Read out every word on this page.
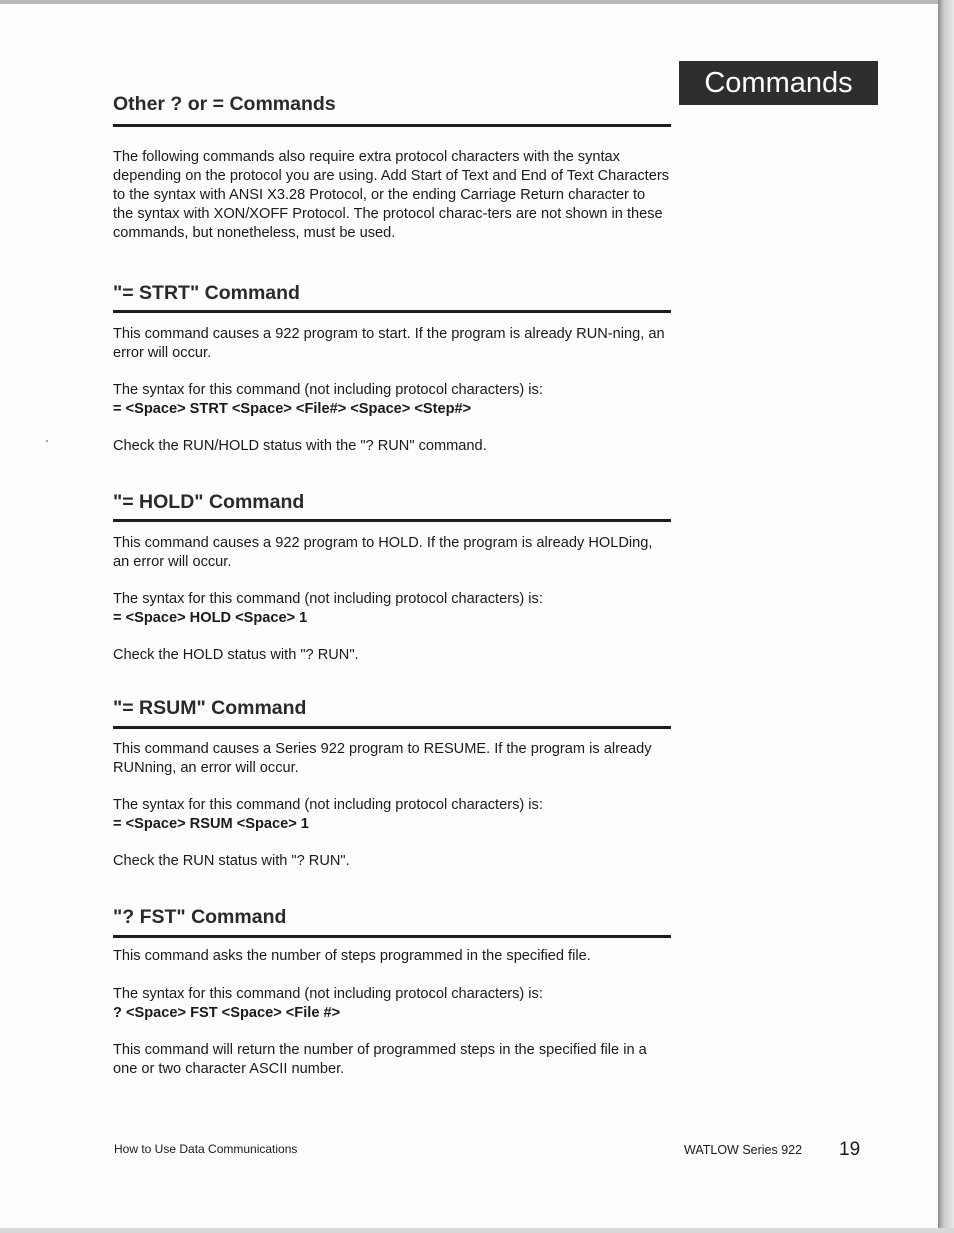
Commands
Other ? or = Commands

The following commands also require extra protocol characters with the syntax depending on the protocol you are using. Add Start of Text and End of Text Characters to the syntax with ANSI X3.28 Protocol, or the ending Carriage Return character to the syntax with XON/XOFF Protocol. The protocol charac-ters are not shown in these commands, but nonetheless, must be used.

"= STRT" Command

This command causes a 922 program to start. If the program is already RUN-ning, an error will occur.

The syntax for this command (not including protocol characters) is:

= <Space> STRT <Space> <File#> <Space> <Step#>

Check the RUN/HOLD status with the "? RUN" command.

"= HOLD" Command

This command causes a 922 program to HOLD. If the program is already HOLDing, an error will occur.

The syntax for this command (not including protocol characters) is:

= <Space> HOLD <Space> 1

Check the HOLD status with "? RUN".

"= RSUM" Command

This command causes a Series 922 program to RESUME. If the program is already RUNning, an error will occur.

The syntax for this command (not including protocol characters) is:

= <Space> RSUM <Space> 1

Check the RUN status with "? RUN".

"? FST" Command

This command asks the number of steps programmed in the specified file.

The syntax for this command (not including protocol characters) is:

? <Space> FST <Space> <File #>

This command will return the number of programmed steps in the specified file in a one or two character ASCII number.

How to Use Data Communications	WATLOW Series 922 19
